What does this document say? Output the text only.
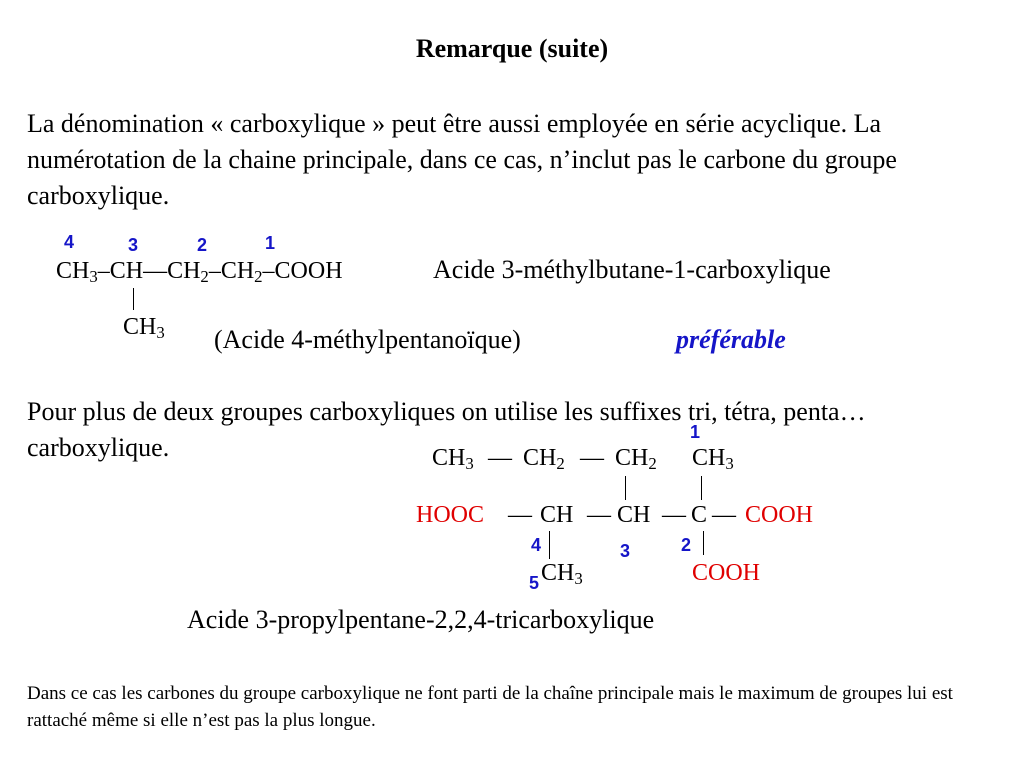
Remarque (suite)
La dénomination « carboxylique » peut être aussi employée en série acyclique. La numérotation de la chaine principale, dans ce cas, n’inclut pas le carbone du groupe carboxylique.
4	3	2	1
$CH_3-CH—CH_2-CH_2$–COOH
$CH_3$
Acide 3-méthylbutane-1-carboxylique
(Acide 4-méthylpentanoïque)	préférable
Pour plus de deux groupes carboxyliques on utilise les suffixes tri, tétra, penta…carboxylique.
1
$CH_3$ — $CH_2$ — $CH_2$ $CH_3$
HOOC — CH — CH — C — COOH
4	3	2
$CH_3$
5	COOH
Acide 3-propylpentane-2,2,4-tricarboxylique
Dans ce cas les carbones du groupe carboxylique ne font parti de la chaîne principale mais le maximum de groupes lui est rattaché même si elle n’est pas la plus longue.
